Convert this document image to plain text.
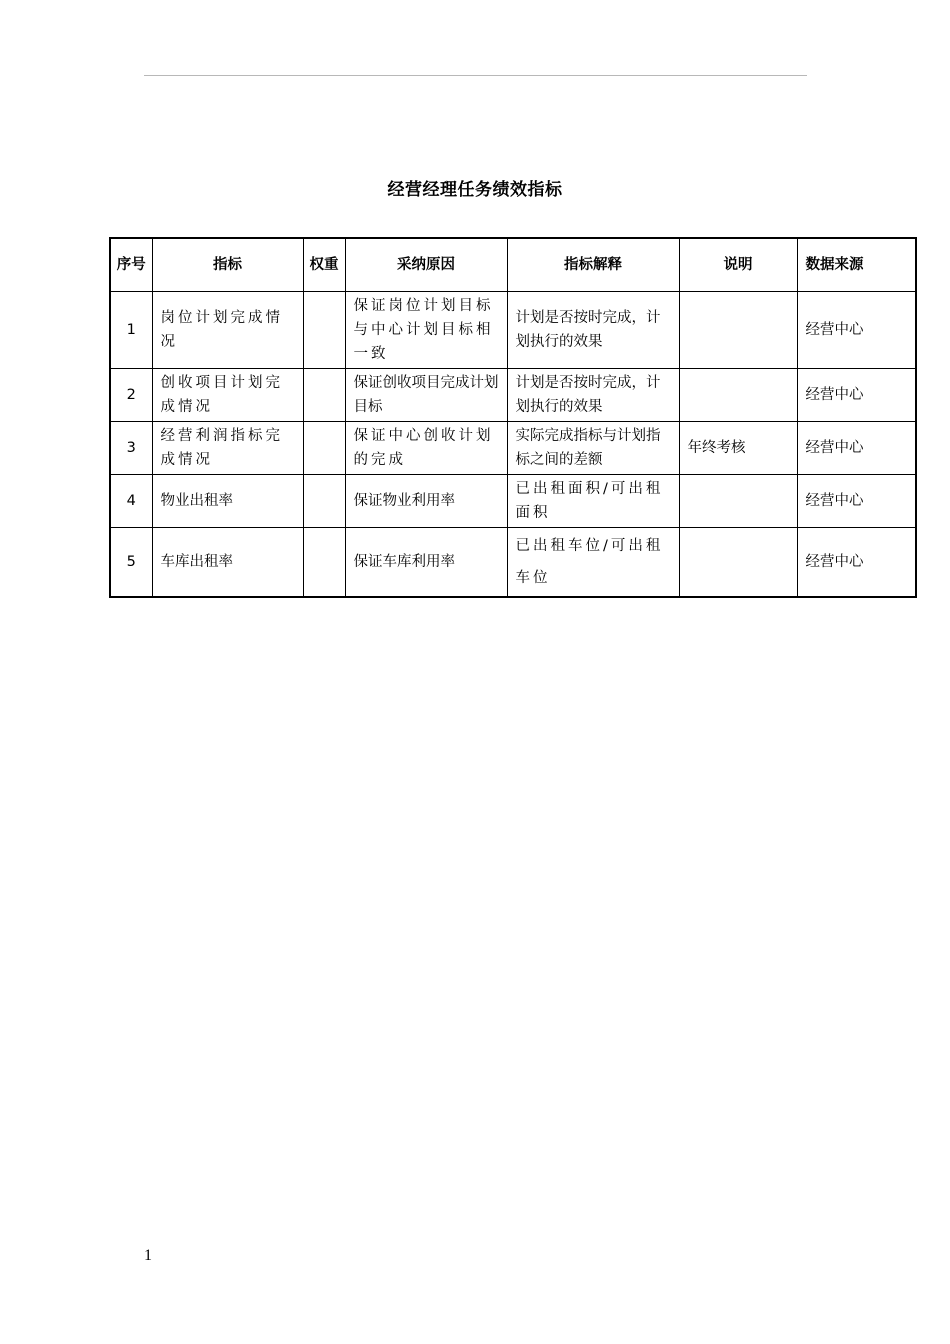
经营经理任务绩效指标
序号	指标	权重	采纳原因	指标解释	说明	数据来源
1	岗位计划完成情况		保证岗位计划目标与中心计划目标相一致	计划是否按时完成，计划执行的效果		经营中心
2	创收项目计划完成情况		保证创收项目完成计划目标	计划是否按时完成，计划执行的效果		经营中心
3	经营利润指标完成情况		保证中心创收计划的完成	实际完成指标与计划指标之间的差额	年终考核	经营中心
4	物业出租率		保证物业利用率	已出租面积/可出租面积		经营中心
5	车库出租率		保证车库利用率	已出租车位/可出租车位		经营中心
1
